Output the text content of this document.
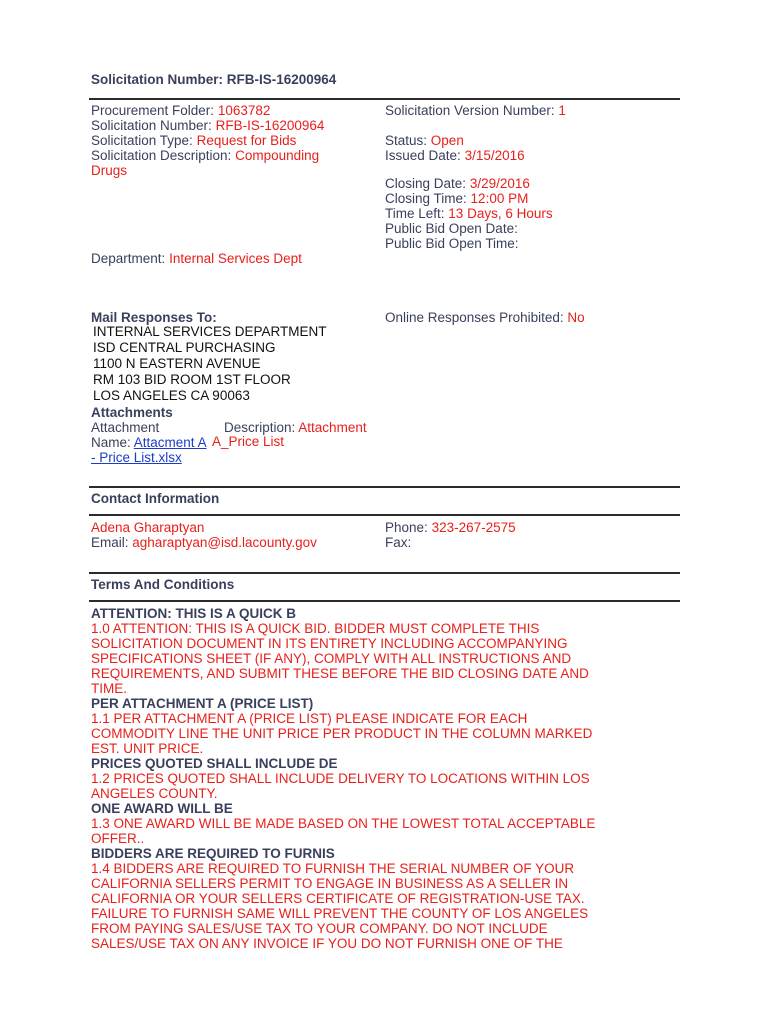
Solicitation Number: RFB-IS-16200964
Procurement Folder: 1063782
Solicitation Number: RFB-IS-16200964
Solicitation Type: Request for Bids
Solicitation Description: Compounding
Drugs
Solicitation Version Number: 1
Status: Open
Issued Date: 3/15/2016
Closing Date: 3/29/2016
Closing Time: 12:00 PM
Time Left: 13 Days, 6 Hours
Public Bid Open Date:
Public Bid Open Time:
Department: Internal Services Dept
Mail Responses To:	Online Responses Prohibited: No
INTERNAL SERVICES DEPARTMENT
ISD CENTRAL PURCHASING
1100 N EASTERN AVENUE
RM 103 BID ROOM 1ST FLOOR
LOS ANGELES CA 90063
Attachments
Attachment
Name: Attacment A
- Price List.xlsx
Description: Attachment
A_Price List
Contact Information
Adena Gharaptyan
Email: agharaptyan@isd.lacounty.gov
Phone: 323-267-2575
Fax:
Terms And Conditions
ATTENTION: THIS IS A QUICK B
1.0 ATTENTION: THIS IS A QUICK BID. BIDDER MUST COMPLETE THIS
SOLICITATION DOCUMENT IN ITS ENTIRETY INCLUDING ACCOMPANYING
SPECIFICATIONS SHEET (IF ANY), COMPLY WITH ALL INSTRUCTIONS AND
REQUIREMENTS, AND SUBMIT THESE BEFORE THE BID CLOSING DATE AND
TIME.
PER ATTACHMENT A (PRICE LIST)
1.1 PER ATTACHMENT A (PRICE LIST) PLEASE INDICATE FOR EACH
COMMODITY LINE THE UNIT PRICE PER PRODUCT IN THE COLUMN MARKED
EST. UNIT PRICE.
PRICES QUOTED SHALL INCLUDE DE
1.2 PRICES QUOTED SHALL INCLUDE DELIVERY TO LOCATIONS WITHIN LOS
ANGELES COUNTY.
ONE AWARD WILL BE
1.3 ONE AWARD WILL BE MADE BASED ON THE LOWEST TOTAL ACCEPTABLE
OFFER..
BIDDERS ARE REQUIRED TO FURNIS
1.4 BIDDERS ARE REQUIRED TO FURNISH THE SERIAL NUMBER OF YOUR
CALIFORNIA SELLERS PERMIT TO ENGAGE IN BUSINESS AS A SELLER IN
CALIFORNIA OR YOUR SELLERS CERTIFICATE OF REGISTRATION-USE TAX.
FAILURE TO FURNISH SAME WILL PREVENT THE COUNTY OF LOS ANGELES
FROM PAYING SALES/USE TAX TO YOUR COMPANY. DO NOT INCLUDE
SALES/USE TAX ON ANY INVOICE IF YOU DO NOT FURNISH ONE OF THE
